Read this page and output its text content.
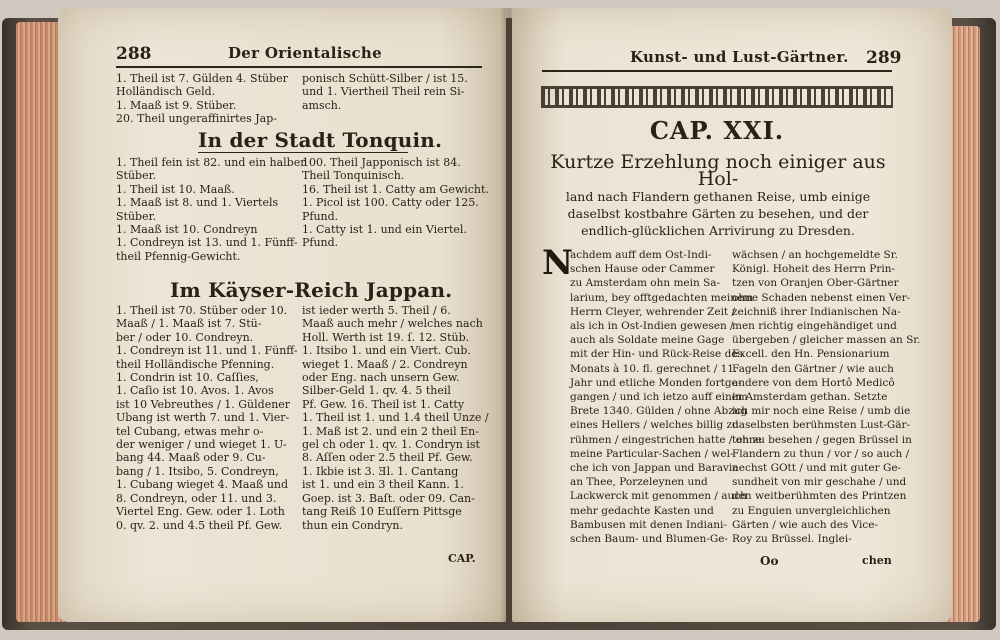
288	Der Orientalische
1. Theil ist 7. Gülden 4. Stüber
Holländisch Geld.
1. Maaß ist 9. Stüber.
20. Theil ungeraffinirtes Jap-
ponisch Schütt-Silber / ist 15.
und 1. Viertheil Theil rein Si-
amsch.
In der Stadt Tonquin.
1. Theil fein ist 82. und ein halber
Stüber.
1. Theil ist 10. Maaß.
1. Maaß ist 8. und 1. Viertels
Stüber.
1. Maaß ist 10. Condreyn
1. Condreyn ist 13. und 1. Fünff-
theil Pfennig-Gewicht.
100. Theil Japponisch ist 84.
Theil Tonquinisch.
16. Theil ist 1. Catty am Gewicht.
1. Picol ist 100. Catty oder 125.
Pfund.
1. Catty ist 1. und ein Viertel.
Pfund.
Im Käyser-Reich Jappan.
1. Theil ist 70. Stüber oder 10.
Maaß / 1. Maaß ist 7. Stü-
ber / oder 10. Condreyn.
1. Condreyn ist 11. und 1. Fünff-
theil Holländische Pfenning.
1. Condrin ist 10. Caſſies,
1. Caſio ist 10. Avos. 1. Avos
ist 10 Vebreuthes / 1. Güldener
Ubang ist werth 7. und 1. Vier-
tel Cubang, etwas mehr o-
der weniger / und wieget 1. U-
bang 44. Maaß oder 9. Cu-
bang / 1. Itsibo, 5. Condreyn,
1. Cubang wieget 4. Maaß und
8. Condreyn, oder 11. und 3.
Viertel Eng. Gew. oder 1. Loth
0. qv. 2. und 4.5 theil Pf. Gew.
ist ieder werth 5. Theil / 6.
Maaß auch mehr / welches nach
Holl. Werth ist 19. ſ. 12. Stüb.
1. Itsibo 1. und ein Viert. Cub.
wieget 1. Maaß / 2. Condreyn
oder Eng. nach unsern Gew.
Silber-Geld 1. qv. 4. 5 theil
Pf. Gew. 16. Theil ist 1. Catty
1. Theil ist 1. und 1.4 theil Unze /
1. Maß ist 2. und ein 2 theil En-
gel ch oder 1. qv. 1. Condryn ist
8. Aſſen oder 2.5 theil Pf. Gew.
1. Ikbie ist 3. Ǝl. 1. Cantang
ist 1. und ein 3 theil Kann. 1.
Goep. ist 3. Baſt. oder 09. Can-
tang Reiß 10 Euſſern Pittsge
thun ein Condryn.
CAP.
Kunst- und Lust-Gärtner. 289
CAP. XXI.
Kurtze Erzehlung noch einiger aus Hol-
land nach Flandern gethanen Reise, umb einige
daselbst kostbahre Gärten zu besehen, und der
endlich-glücklichen Arrivirung zu Dresden.
N
achdem auff dem Ost-Indi-
schen Hause oder Cammer
zu Amsterdam ohn mein Sa-
larium, bey offtgedachten meinem
Herrn Cleyer, wehrender Zeit /
als ich in Ost-Indien gewesen /
auch als Soldate meine Gage
mit der Hin- und Rück-Reise des
Monats à 10. fl. gerechnet / 11.
Jahr und etliche Monden fortge-
gangen / und ich ietzo auff einem
Brete 1340. Gülden / ohne Abzug
eines Hellers / welches billig zu
rühmen / eingestrichen hatte / ohne
meine Particular-Sachen / wel-
che ich von Jappan und Baravia
an Thee, Porzeleynen und
Lackwerck mit genommen / auch
mehr gedachte Kasten und
Bambusen mit denen Indiani-
schen Baum- und Blumen-Ge-
wächsen / an hochgemeldte Sr.
Königl. Hoheit des Herrn Prin-
tzen von Oranjen Ober-Gärtner
ohne Schaden nebenst einen Ver-
zeichniß ihrer Indianischen Na-
men richtig eingehändiget und
übergeben / gleicher massen an Sr.
Excell. den Hn. Pensionarium
Fageln den Gärtner / wie auch
andere von dem Hortô Medicô
in Amsterdam gethan. Setzte
ich mir noch eine Reise / umb die
daselbsten berühmsten Lust-Gär-
ten zu besehen / gegen Brüssel in
Flandern zu thun / vor / so auch /
nechst GOtt / und mit guter Ge-
sundheit von mir geschahe / und
den weitberühmten des Printzen
zu Enguien unvergleichlichen
Gärten / wie auch des Vice-
Roy zu Brüssel. Inglei-
Oo	chen
